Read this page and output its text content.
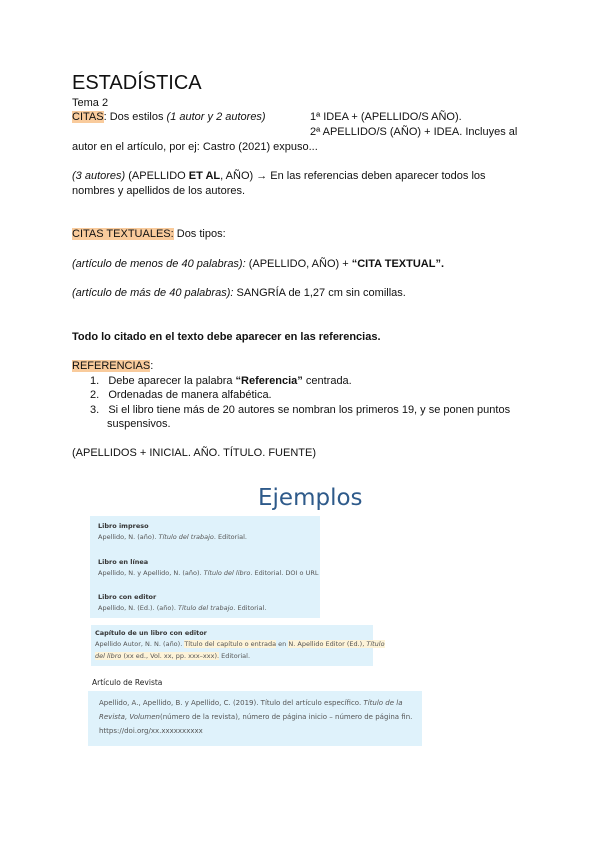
ESTADÍSTICA
Tema 2
CITAS: Dos estilos (1 autor y 2 autores)	1ª IDEA + (APELLIDO/S AÑO).
2ª APELLIDO/S (AÑO) + IDEA. Incluyes al
autor en el artículo, por ej: Castro (2021) expuso...
(3 autores) (APELLIDO ET AL, AÑO) → En las referencias deben aparecer todos los
nombres y apellidos de los autores.
CITAS TEXTUALES: Dos tipos:
(artículo de menos de 40 palabras): (APELLIDO, AÑO) + “CITA TEXTUAL”.
(artículo de más de 40 palabras): SANGRÍA de 1,27 cm sin comillas.
Todo lo citado en el texto debe aparecer en las referencias.
REFERENCIAS:
1.   Debe aparecer la palabra “Referencia” centrada.
2.   Ordenadas de manera alfabética.
3.   Si el libro tiene más de 20 autores se nombran los primeros 19, y se ponen puntos
suspensivos.
(APELLIDOS + INICIAL. AÑO. TÍTULO. FUENTE)
Ejemplos
Libro impreso
Apellido, N. (año). Título del trabajo. Editorial.
Libro en línea
Apellido, N. y Apellido, N. (año). Título del libro. Editorial. DOI o URL
Libro con editor
Apellido, N. (Ed.). (año). Título del trabajo. Editorial.
Capítulo de un libro con editor
Apellido Autor, N. N. (año). Título del capítulo o entrada en N. Apellido Editor (Ed.), Título
del libro (xx ed., Vol. xx, pp. xxx–xxx). Editorial.
Artículo de Revista
Apellido, A., Apellido, B. y Apellido, C. (2019). Título del artículo específico. Título de la
Revista, Volumen(número de la revista), número de página inicio – número de página fin.
https://doi.org/xx.xxxxxxxxxx
